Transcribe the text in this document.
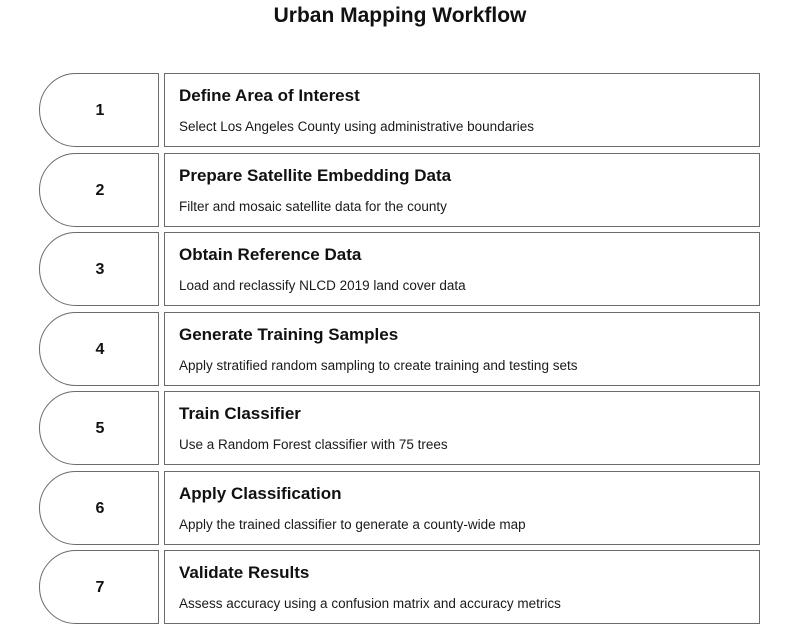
Urban Mapping Workflow
1
Define Area of Interest
Select Los Angeles County using administrative boundaries
2
Prepare Satellite Embedding Data
Filter and mosaic satellite data for the county
3
Obtain Reference Data
Load and reclassify NLCD 2019 land cover data
4
Generate Training Samples
Apply stratified random sampling to create training and testing sets
5
Train Classifier
Use a Random Forest classifier with 75 trees
6
Apply Classification
Apply the trained classifier to generate a county-wide map
7
Validate Results
Assess accuracy using a confusion matrix and accuracy metrics
